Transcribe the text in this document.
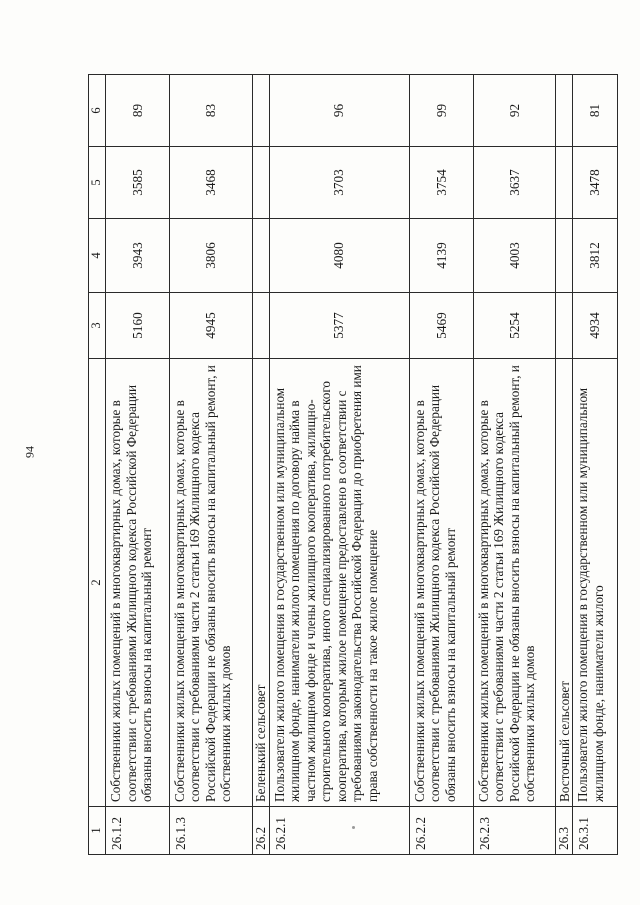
94
1	2	3	4	5	6
26.1.2	Собственники жилых помещений в многоквартирных домах, которые в соответствии с требованиями Жилищного кодекса Российской Федерации обязаны вносить взносы на капитальный ремонт	5160	3943	3585	89
26.1.3	Собственники жилых помещений в многоквартирных домах, которые в соответствии с требованиями части 2 статьи 169 Жилищного кодекса Российской Федерации не обязаны вносить взносы на капитальный ремонт, и собственники жилых домов	4945	3806	3468	83
26.2	Беленький сельсовет				
26.2.1	Пользователи жилого помещения в государственном или муниципальном жилищном фонде, наниматели жилого помещения по договору найма в частном жилищном фонде и члены жилищного кооператива, жилищно-строительного кооператива, иного специализированного потребительского кооператива, которым жилое помещение предоставлено в соответствии с требованиями законодательства Российской Федерации до приобретения ими права собственности на такое жилое помещение	5377	4080	3703	96
26.2.2	Собственники жилых помещений в многоквартирных домах, которые в соответствии с требованиями Жилищного кодекса Российской Федерации обязаны вносить взносы на капитальный ремонт	5469	4139	3754	99
26.2.3	Собственники жилых помещений в многоквартирных домах, которые в соответствии с требованиями части 2 статьи 169 Жилищного кодекса Российской Федерации не обязаны вносить взносы на капитальный ремонт, и собственники жилых домов	5254	4003	3637	92
26.3	Восточный сельсовет				
26.3.1	Пользователи жилого помещения в государственном или муниципальном жилищном фонде, наниматели жилого	4934	3812	3478	81
